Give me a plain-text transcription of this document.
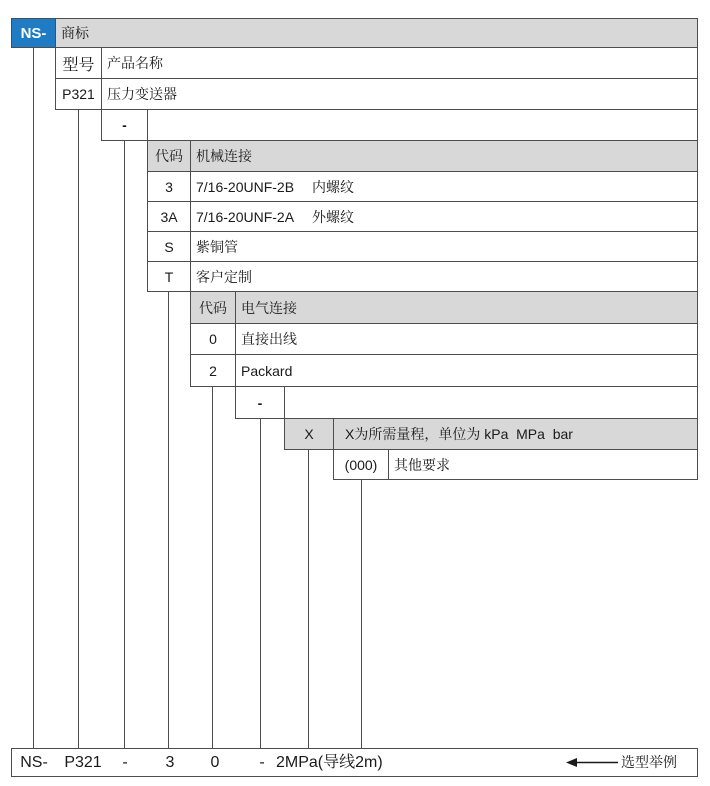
NS-	商标
型号 产品名称
P321 压力变送器
-
代码 机械连接
3	7/16-20UNF-2B 内螺纹
3A	7/16-20UNF-2A 外螺纹
S	紫铜管
T	客户定制
代码	电气连接
0	直接出线
2	Packard
-
X	X为所需量程，单位为 kPa  MPa  bar
(000)	其他要求
NS- P321 - 3 0 - 2MPa(导线2m)	选型举例
